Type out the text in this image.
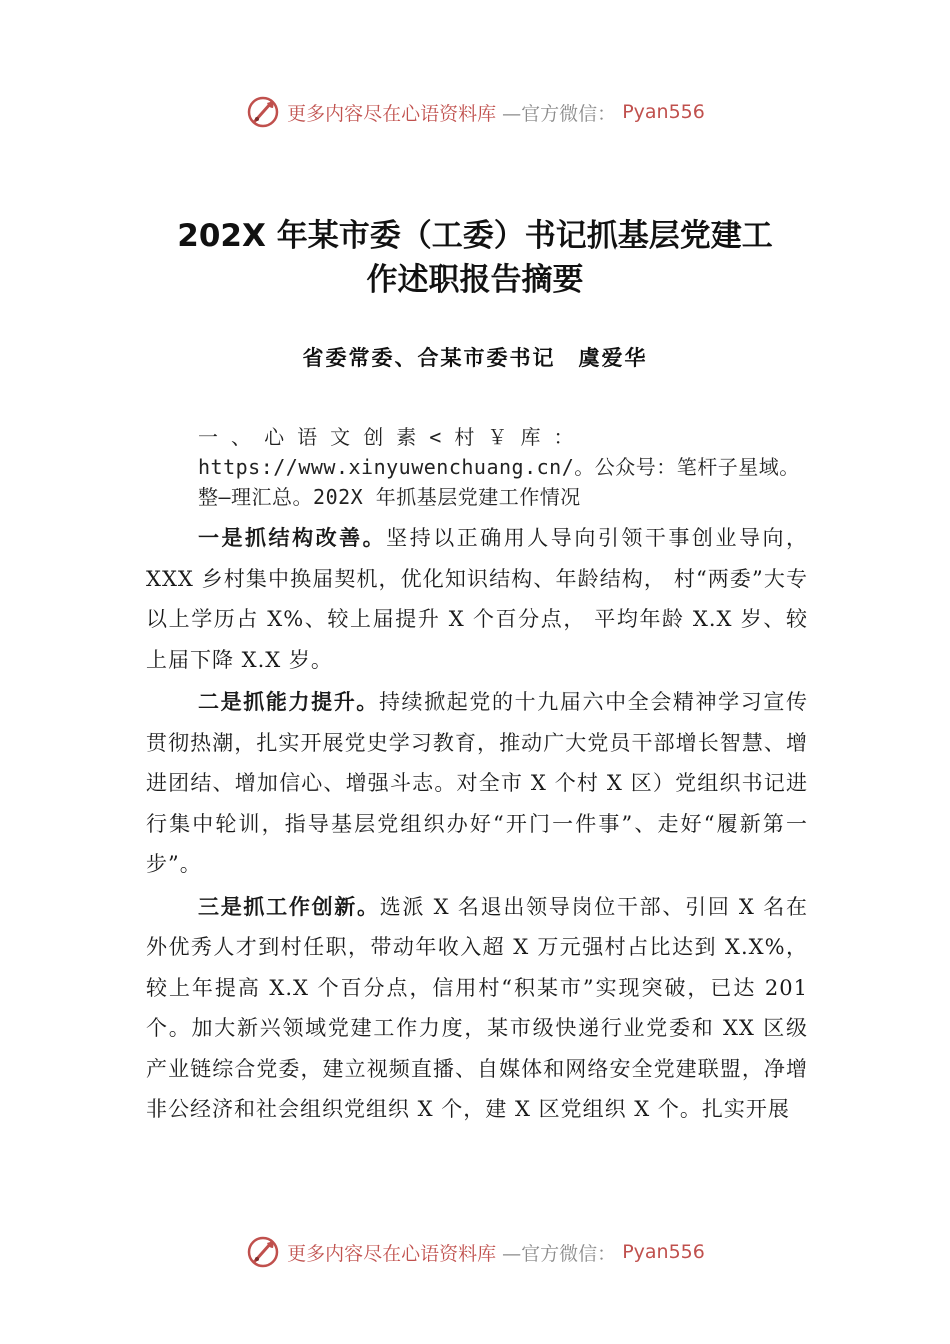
更多内容尽在心语资料库 —官方微信： Pyan556
202X 年某市委（工委）书记抓基层党建工
作述职报告摘要
省委常委、合某市委书记　虞爱华
一 、 心 语 文 创 素 < 村 ￥ 库 ： https://www.xinyuwenchuang.cn/。公众号：笔杆子星域。整—理汇总。202X 年抓基层党建工作情况

一是抓结构改善。坚持以正确用人导向引领干事创业导向，XXX 乡村集中换届契机，优化知识结构、年龄结构， 村“两委”大专以上学历占 X%、较上届提升 X 个百分点， 平均年龄 X.X 岁、较上届下降 X.X 岁。

二是抓能力提升。持续掀起党的十九届六中全会精神学习宣传贯彻热潮，扎实开展党史学习教育，推动广大党员干部增长智慧、增进团结、增加信心、增强斗志。对全市 X 个村 X 区）党组织书记进行集中轮训，指导基层党组织办好“开门一件事”、走好“履新第一步”。

三是抓工作创新。选派 X 名退出领导岗位干部、引回 X 名在外优秀人才到村任职，带动年收入超 X 万元强村占比达到 X.X%，较上年提高 X.X 个百分点，信用村“积某市”实现突破，已达 201 个。加大新兴领域党建工作力度，某市级快递行业党委和 XX 区级产业链综合党委，建立视频直播、自媒体和网络安全党建联盟，净增非公经济和社会组织党组织 X 个，建 X 区党组织 X 个。扎实开展

更多内容尽在心语资料库 —官方微信： Pyan556
